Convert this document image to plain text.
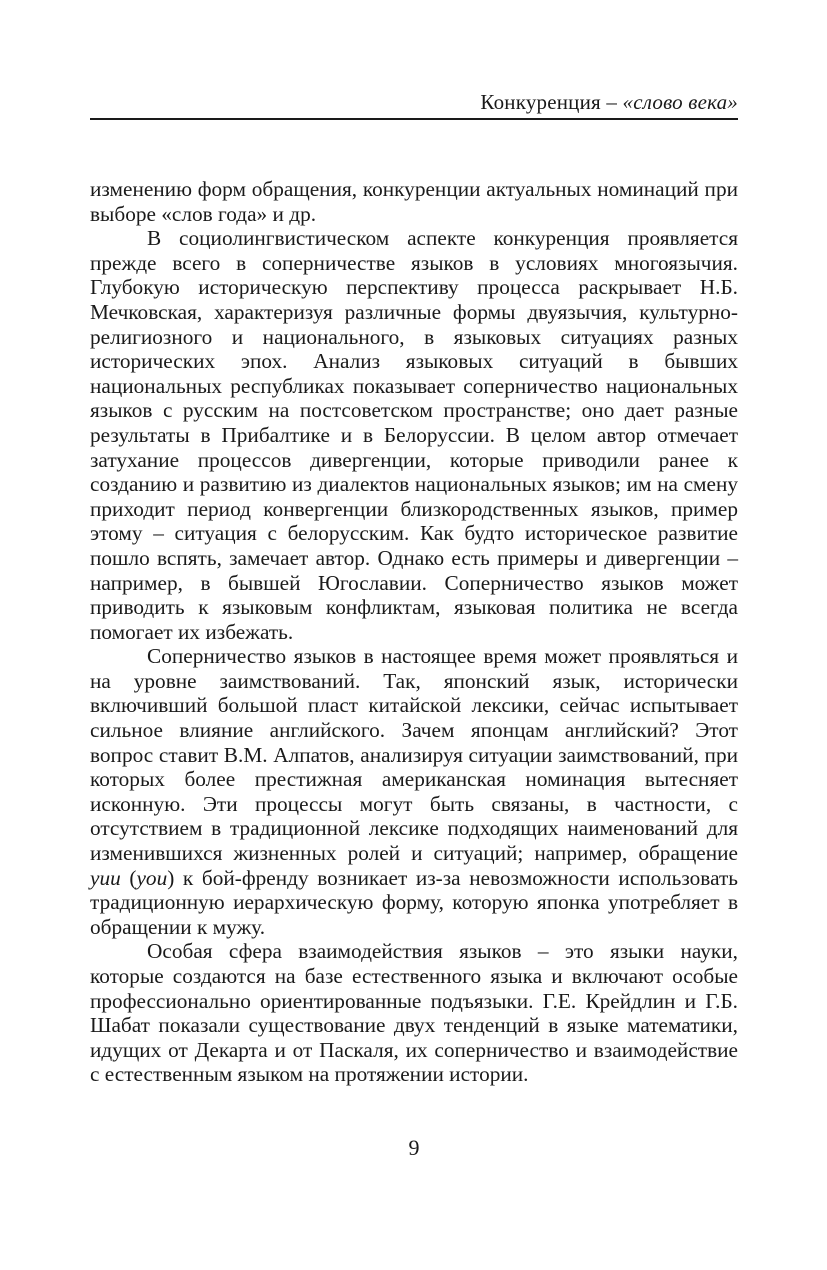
Конкуренция – «слово века»

изменению форм обращения, конкуренции актуальных номинаций при выборе «слов года» и др.

В социолингвистическом аспекте конкуренция проявляется прежде всего в соперничестве языков в условиях многоязычия. Глубокую историческую перспективу процесса раскрывает Н.Б. Мечковская, характеризуя различные формы двуязычия, культурно-религиозного и национального, в языковых ситуациях разных исторических эпох. Анализ языковых ситуаций в бывших национальных республиках показывает соперничество национальных языков с русским на постсоветском пространстве; оно дает разные результаты в Прибалтике и в Белоруссии. В целом автор отмечает затухание процессов дивергенции, которые приводили ранее к созданию и развитию из диалектов национальных языков; им на смену приходит период конвергенции близкородственных языков, пример этому – ситуация с белорусским. Как будто историческое развитие пошло вспять, замечает автор. Однако есть примеры и дивергенции – например, в бывшей Югославии. Соперничество языков может приводить к языковым конфликтам, языковая политика не всегда помогает их избежать.

Соперничество языков в настоящее время может проявляться и на уровне заимствований. Так, японский язык, исторически включивший большой пласт китайской лексики, сейчас испытывает сильное влияние английского. Зачем японцам английский? Этот вопрос ставит В.М. Алпатов, анализируя ситуации заимствований, при которых более престижная американская номинация вытесняет исконную. Эти процессы могут быть связаны, в частности, с отсутствием в традиционной лексике подходящих наименований для изменившихся жизненных ролей и ситуаций; например, обращение уии (you) к бой-френду возникает из-за невозможности использовать традиционную иерархическую форму, которую японка употребляет в обращении к мужу.

Особая сфера взаимодействия языков – это языки науки, которые создаются на базе естественного языка и включают особые профессионально ориентированные подъязыки. Г.Е. Крейдлин и Г.Б. Шабат показали существование двух тенденций в языке математики, идущих от Декарта и от Паскаля, их соперничество и взаимодействие с естественным языком на протяжении истории.

9
